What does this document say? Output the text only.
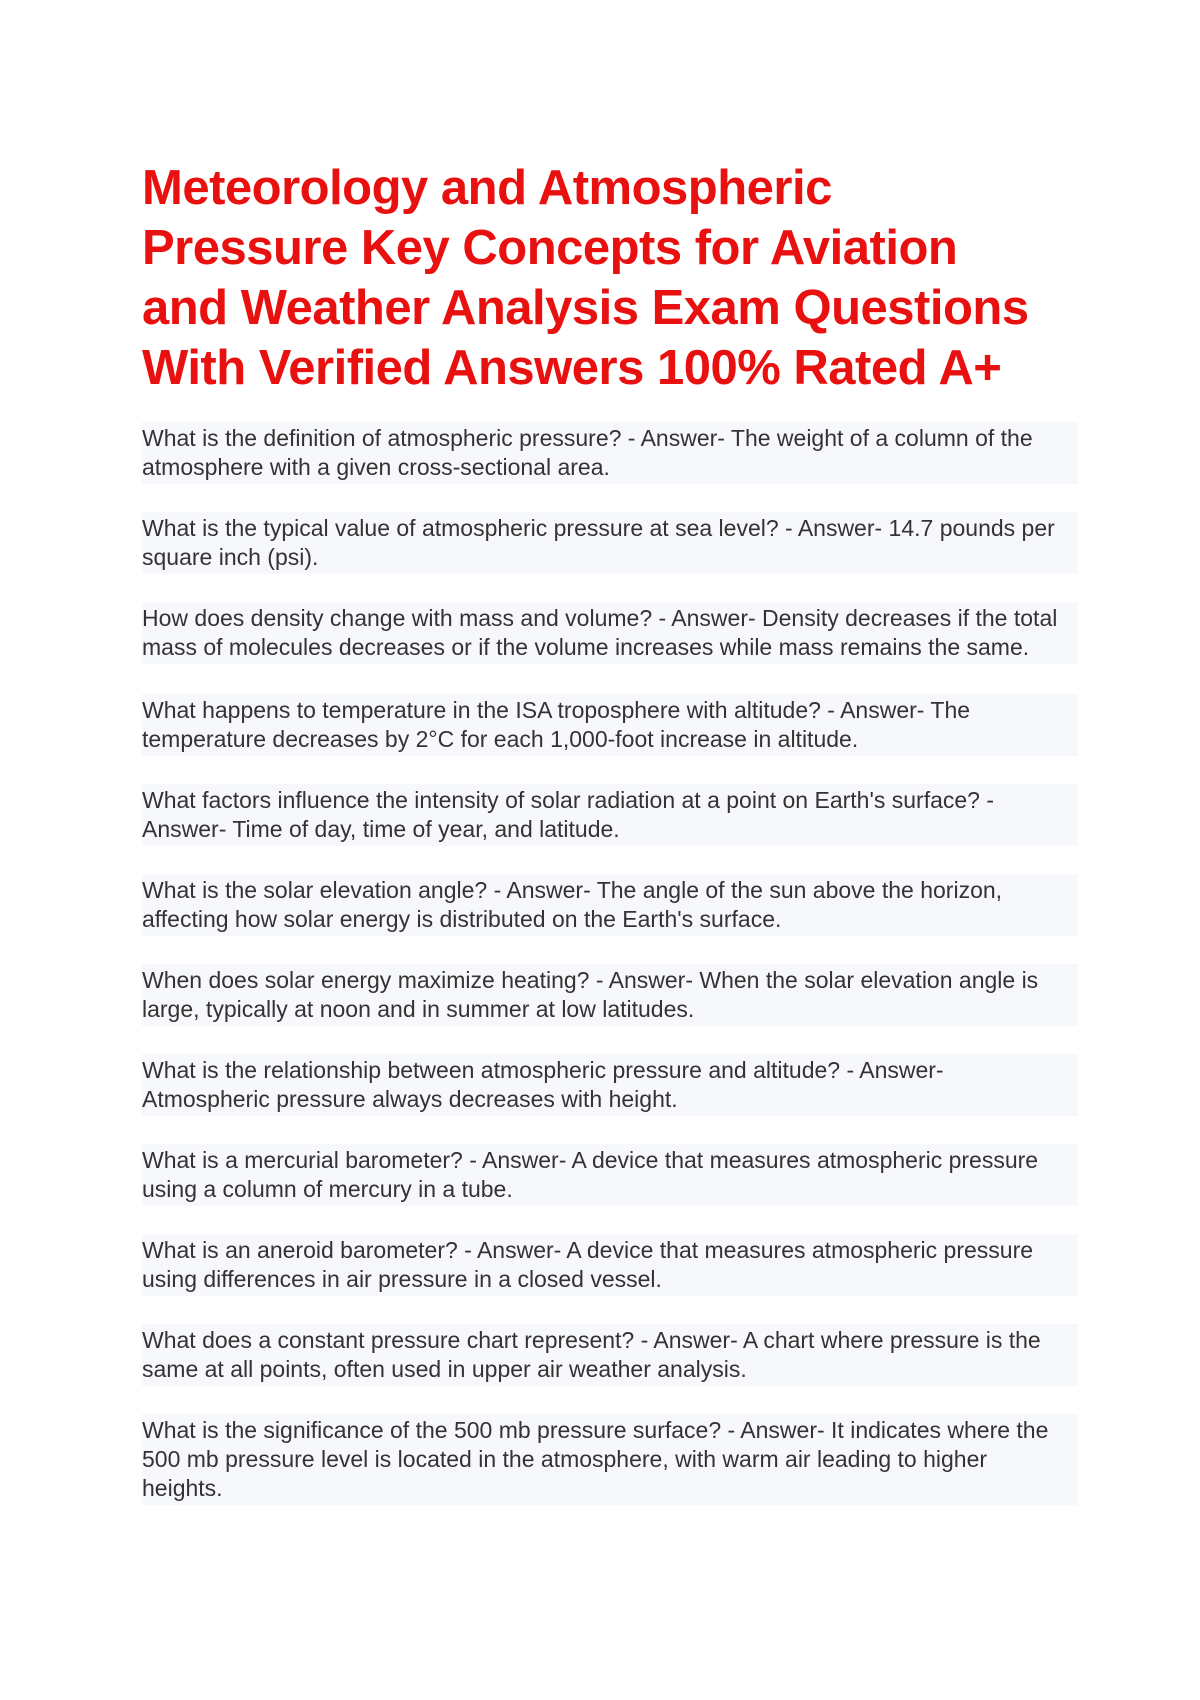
Meteorology and Atmospheric Pressure Key Concepts for Aviation and Weather Analysis Exam Questions With Verified Answers 100% Rated A+

What is the definition of atmospheric pressure? - Answer- The weight of a column of the atmosphere with a given cross-sectional area.

What is the typical value of atmospheric pressure at sea level? - Answer- 14.7 pounds per square inch (psi).

How does density change with mass and volume? - Answer- Density decreases if the total mass of molecules decreases or if the volume increases while mass remains the same.

What happens to temperature in the ISA troposphere with altitude? - Answer- The temperature decreases by 2°C for each 1,000-foot increase in altitude.

What factors influence the intensity of solar radiation at a point on Earth's surface? - Answer- Time of day, time of year, and latitude.

What is the solar elevation angle? - Answer- The angle of the sun above the horizon, affecting how solar energy is distributed on the Earth's surface.

When does solar energy maximize heating? - Answer- When the solar elevation angle is large, typically at noon and in summer at low latitudes.

What is the relationship between atmospheric pressure and altitude? - Answer- Atmospheric pressure always decreases with height.

What is a mercurial barometer? - Answer- A device that measures atmospheric pressure using a column of mercury in a tube.

What is an aneroid barometer? - Answer- A device that measures atmospheric pressure using differences in air pressure in a closed vessel.

What does a constant pressure chart represent? - Answer- A chart where pressure is the same at all points, often used in upper air weather analysis.

What is the significance of the 500 mb pressure surface? - Answer- It indicates where the 500 mb pressure level is located in the atmosphere, with warm air leading to higher heights.
